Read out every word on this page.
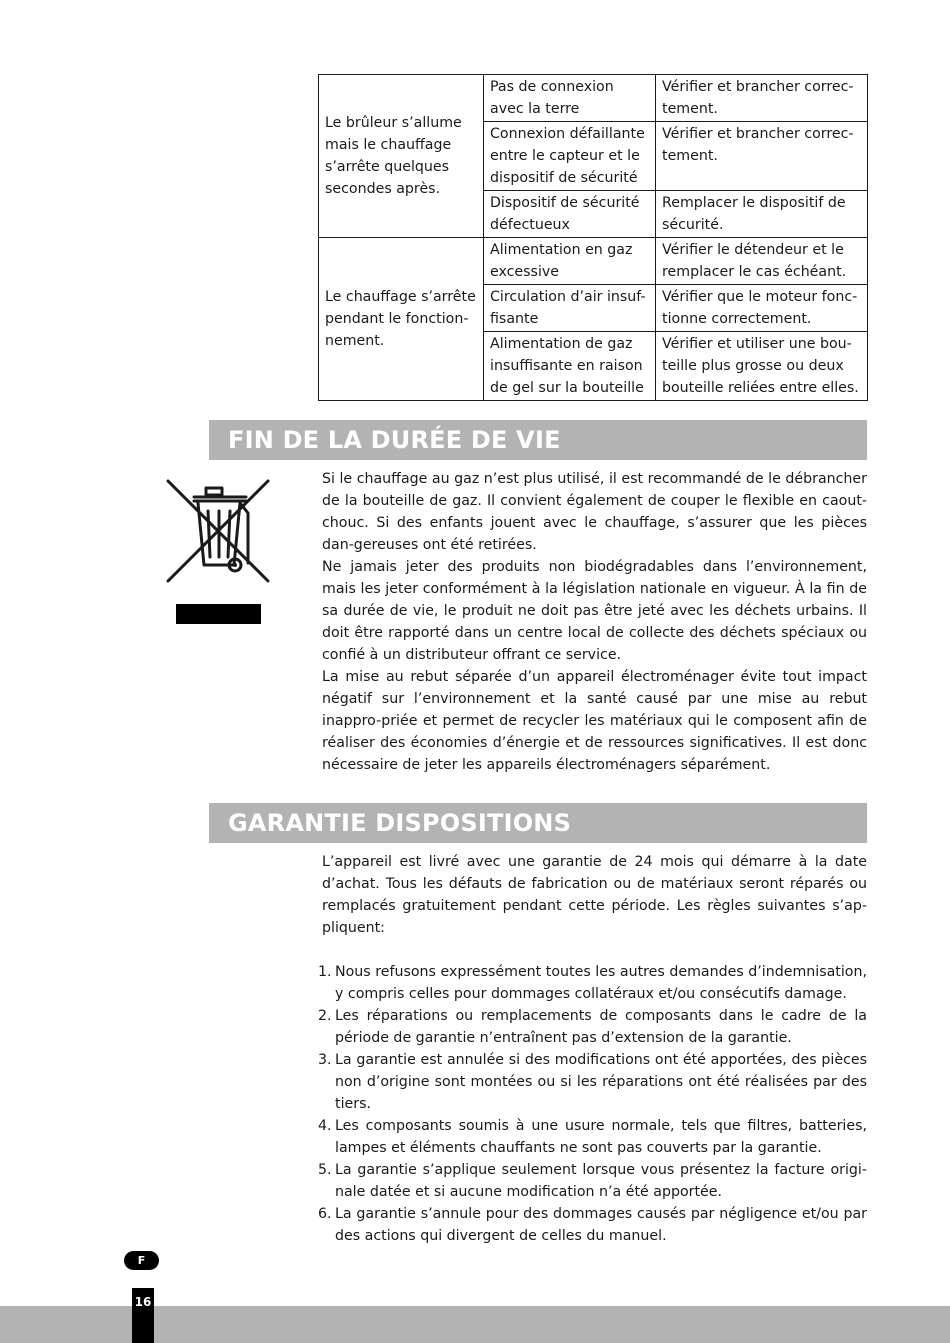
Le brûleur s’allume mais le chauffage s’arrête quelques secondes après.	Pas de connexion avec la terre	Vérifier et brancher correc-tement.
	Connexion défaillante entre le capteur et le dispositif de sécurité	Vérifier et brancher correc-tement.
	Dispositif de sécurité défectueux	Remplacer le dispositif de sécurité.
Le chauffage s’arrête pendant le fonction-nement.	Alimentation en gaz excessive	Vérifier le détendeur et le remplacer le cas échéant.
	Circulation d’air insuf-fisante	Vérifier que le moteur fonc-tionne correctement.
	Alimentation de gaz insuffisante en raison de gel sur la bouteille	Vérifier et utiliser une bou-teille plus grosse ou deux bouteille reliées entre elles.
FIN DE LA DURÉE DE VIE

Si le chauffage au gaz n’est plus utilisé, il est recommandé de le débrancher de la bouteille de gaz. Il convient également de couper le flexible en caout-chouc. Si des enfants jouent avec le chauffage, s’assurer que les pièces dan-gereuses ont été retirées.

Ne jamais jeter des produits non biodégradables dans l’environnement, mais les jeter conformément à la législation nationale en vigueur. À la fin de sa durée de vie, le produit ne doit pas être jeté avec les déchets urbains. Il doit être rapporté dans un centre local de collecte des déchets spéciaux ou confié à un distributeur offrant ce service.

La mise au rebut séparée d’un appareil électroménager évite tout impact négatif sur l’environnement et la santé causé par une mise au rebut inappro-priée et permet de recycler les matériaux qui le composent afin de réaliser des économies d’énergie et de ressources significatives. Il est donc nécessaire de jeter les appareils électroménagers séparément.

GARANTIE DISPOSITIONS

L’appareil est livré avec une garantie de 24 mois qui démarre à la date d’achat. Tous les défauts de fabrication ou de matériaux seront réparés ou remplacés gratuitement pendant cette période. Les règles suivantes s’ap-pliquent:

1. Nous refusons expressément toutes les autres demandes d’indemnisation, y compris celles pour dommages collatéraux et/ou consécutifs damage.
2. Les réparations ou remplacements de composants dans le cadre de la période de garantie n’entraînent pas d’extension de la garantie.
3. La garantie est annulée si des modifications ont été apportées, des pièces non d’origine sont montées ou si les réparations ont été réalisées par des tiers.
4. Les composants soumis à une usure normale, tels que filtres, batteries, lampes et éléments chauffants ne sont pas couverts par la garantie.
5. La garantie s’applique seulement lorsque vous présentez la facture origi-nale datée et si aucune modification n’a été apportée.
6. La garantie s’annule pour des dommages causés par négligence et/ou par des actions qui divergent de celles du manuel.
F
16
